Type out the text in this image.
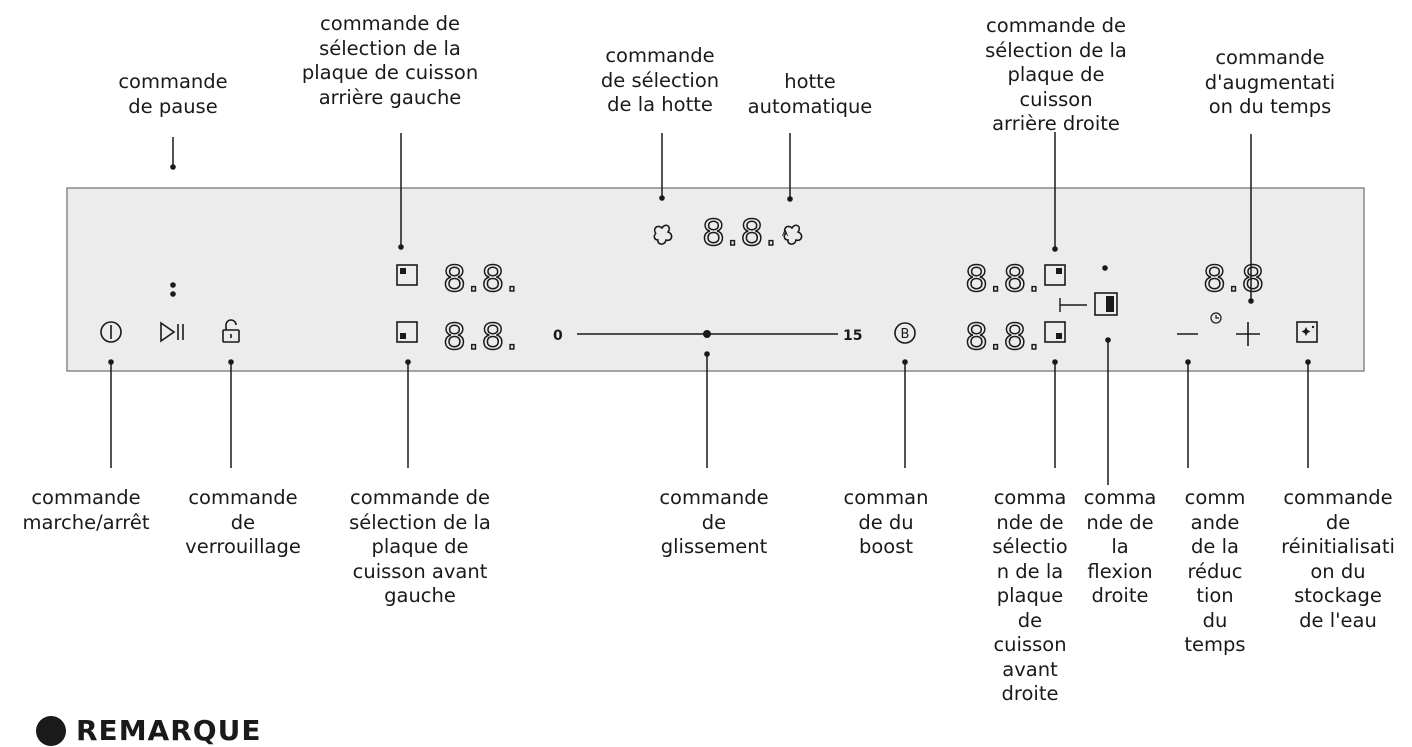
8.8.
8.8.
8.8. A
0	15	B
8.8.
8.8.
8.8
commande
de pause
commande de
sélection de la
plaque de cuisson
arrière gauche
commande
de sélection
de la hotte
hotte
automatique
commande de
sélection de la
plaque de
cuisson
arrière droite
commande
d'augmentati
on du temps
commande
marche/arrêt
commande
de
verrouillage
commande de
sélection de la
plaque de
cuisson avant
gauche
commande
de
glissement
comman
de du
boost
comma
nde de
sélectio
n de la
plaque
de
cuisson
avant
droite
comma
nde de
la
flexion
droite
comm
ande
de la
réduc
tion
du
temps
commande
de
réinitialisati
on du
stockage
de l'eau
REMARQUE
